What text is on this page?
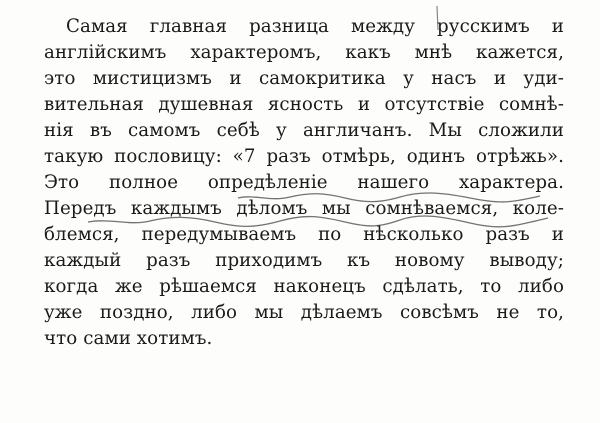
Самая главная разница между русскимъ и
англійскимъ характеромъ, какъ мнѣ кажется,
это мистицизмъ и самокритика у насъ и уди-
вительная душевная ясность и отсутствіе сомнѣ-
нія въ самомъ себѣ у англичанъ. Мы сложили
такую пословицу: «7 разъ отмѣрь, одинъ отрѣжь».
Это полное опредѣленіе нашего характера.
Передъ каждымъ дѣломъ мы сомнѣваемся, коле-
блемся, передумываемъ по нѣсколько разъ и
каждый разъ приходимъ къ новому выводу;
когда же рѣшаемся наконецъ сдѣлать, то либо
уже поздно, либо мы дѣлаемъ совсѣмъ не то,
что сами хотимъ.
